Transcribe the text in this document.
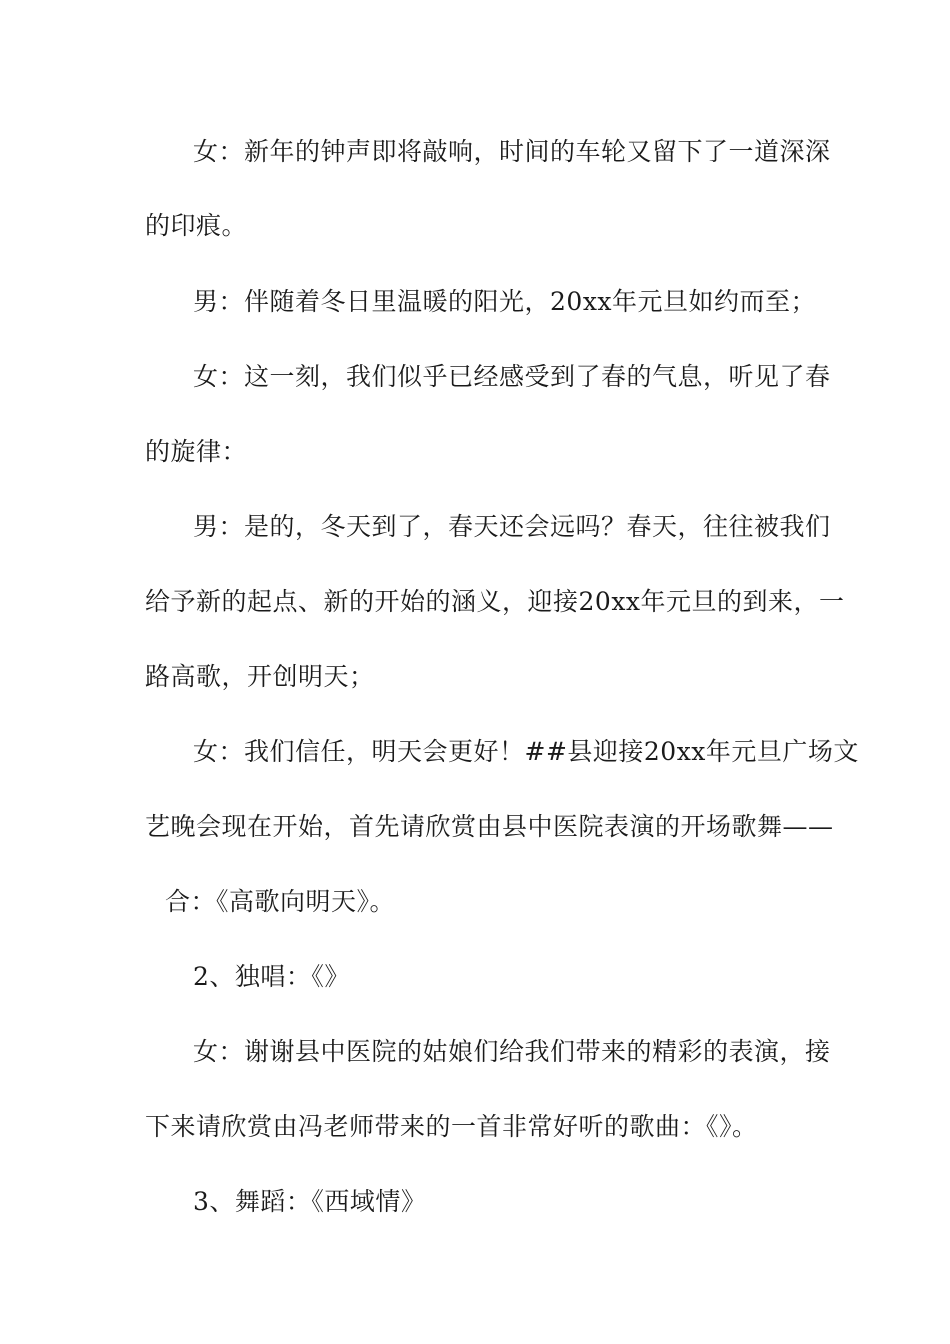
女：新年的钟声即将敲响，时间的车轮又留下了一道深深
的印痕。
男：伴随着冬日里温暖的阳光，20xx年元旦如约而至；
女：这一刻，我们似乎已经感受到了春的气息，听见了春
的旋律：
男：是的，冬天到了，春天还会远吗？春天，往往被我们
给予新的起点、新的开始的涵义，迎接20xx年元旦的到来，一
路高歌，开创明天；
女：我们信任，明天会更好！##县迎接20xx年元旦广场文
艺晚会现在开始，首先请欣赏由县中医院表演的开场歌舞——
合：《高歌向明天》。
2、独唱：《》
女：谢谢县中医院的姑娘们给我们带来的精彩的表演，接
下来请欣赏由冯老师带来的一首非常好听的歌曲：《》。
3、舞蹈：《西域情》
